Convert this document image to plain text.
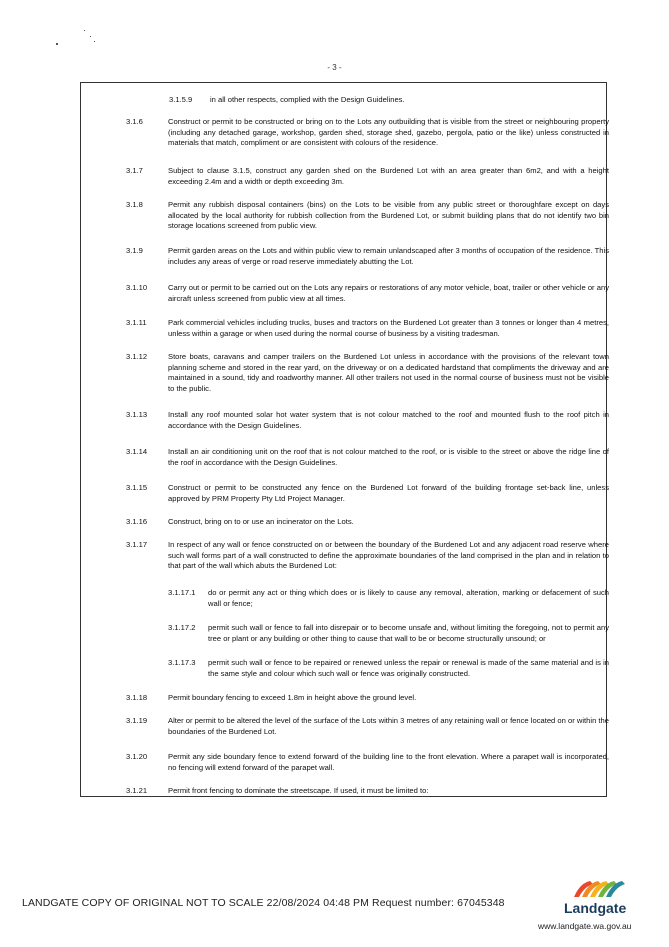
- 3 -
3.1.5.9 in all other respects, complied with the Design Guidelines.
3.1.6	Construct or permit to be constructed or bring on to the Lots any outbuilding that is visible from the street or neighbouring property (including any detached garage, workshop, garden shed, storage shed, gazebo, pergola, patio or the like) unless constructed in materials that match, compliment or are consistent with colours of the residence.
3.1.7	Subject to clause 3.1.5, construct any garden shed on the Burdened Lot with an area greater than 6m2, and with a height exceeding 2.4m and a width or depth exceeding 3m.
3.1.8	Permit any rubbish disposal containers (bins) on the Lots to be visible from any public street or thoroughfare except on days allocated by the local authority for rubbish collection from the Burdened Lot, or submit building plans that do not identify two bin storage locations screened from public view.
3.1.9	Permit garden areas on the Lots and within public view to remain unlandscaped after 3 months of occupation of the residence. This includes any areas of verge or road reserve immediately abutting the Lot.
3.1.10	Carry out or permit to be carried out on the Lots any repairs or restorations of any motor vehicle, boat, trailer or other vehicle or any aircraft unless screened from public view at all times.
3.1.11	Park commercial vehicles including trucks, buses and tractors on the Burdened Lot greater than 3 tonnes or longer than 4 metres, unless within a garage or when used during the normal course of business by a visiting tradesman.
3.1.12	Store boats, caravans and camper trailers on the Burdened Lot unless in accordance with the provisions of the relevant town planning scheme and stored in the rear yard, on the driveway or on a dedicated hardstand that compliments the driveway and are maintained in a sound, tidy and roadworthy manner. All other trailers not used in the normal course of business must not be visible to the public.
3.1.13	Install any roof mounted solar hot water system that is not colour matched to the roof and mounted flush to the roof pitch in accordance with the Design Guidelines.
3.1.14	Install an air conditioning unit on the roof that is not colour matched to the roof, or is visible to the street or above the ridge line of the roof in accordance with the Design Guidelines.
3.1.15	Construct or permit to be constructed any fence on the Burdened Lot forward of the building frontage set-back line, unless approved by PRM Property Pty Ltd Project Manager.
3.1.16	Construct, bring on to or use an incinerator on the Lots.
3.1.17	In respect of any wall or fence constructed on or between the boundary of the Burdened Lot and any adjacent road reserve where such wall forms part of a wall constructed to define the approximate boundaries of the land comprised in the plan and in relation to that part of the wall which abuts the Burdened Lot:
3.1.17.1 do or permit any act or thing which does or is likely to cause any removal, alteration, marking or defacement of such wall or fence;
3.1.17.2 permit such wall or fence to fall into disrepair or to become unsafe and, without limiting the foregoing, not to permit any tree or plant or any building or other thing to cause that wall to be or become structurally unsound; or
3.1.17.3 permit such wall or fence to be repaired or renewed unless the repair or renewal is made of the same material and is in the same style and colour which such wall or fence was originally constructed.
3.1.18	Permit boundary fencing to exceed 1.8m in height above the ground level.
3.1.19	Alter or permit to be altered the level of the surface of the Lots within 3 metres of any retaining wall or fence located on or within the boundaries of the Burdened Lot.
3.1.20	Permit any side boundary fence to extend forward of the building line to the front elevation. Where a parapet wall is incorporated, no fencing will extend forward of the parapet wall.
3.1.21	Permit front fencing to dominate the streetscape. If used, it must be limited to:
LANDGATE COPY OF ORIGINAL NOT TO SCALE 22/08/2024 04:48 PM Request number: 67045348	Landgate
www.landgate.wa.gov.au
